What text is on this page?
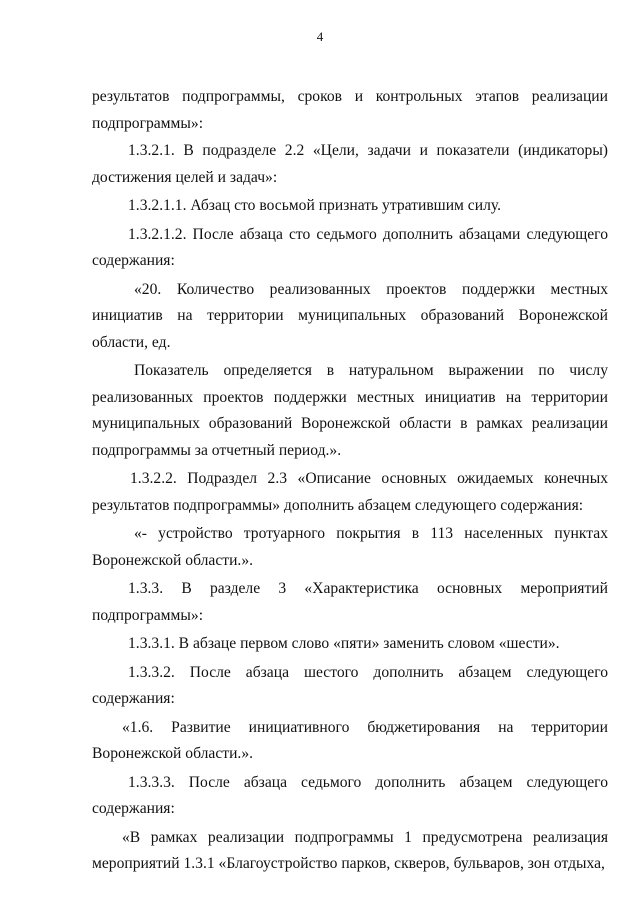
4

результатов подпрограммы, сроков и контрольных этапов реализации подпрограммы»:

1.3.2.1. В подразделе 2.2 «Цели, задачи и показатели (индикаторы) достижения целей и задач»:

1.3.2.1.1. Абзац сто восьмой признать утратившим силу.

1.3.2.1.2. После абзаца сто седьмого дополнить абзацами следующего содержания:

«20. Количество реализованных проектов поддержки местных инициатив на территории муниципальных образований Воронежской области, ед.

Показатель определяется в натуральном выражении по числу реализованных проектов поддержки местных инициатив на территории муниципальных образований Воронежской области в рамках реализации подпрограммы за отчетный период.».

1.3.2.2. Подраздел 2.3 «Описание основных ожидаемых конечных результатов подпрограммы» дополнить абзацем следующего содержания:

«- устройство тротуарного покрытия в 113 населенных пунктах Воронежской области.».

1.3.3. В разделе 3 «Характеристика основных мероприятий подпрограммы»:

1.3.3.1. В абзаце первом слово «пяти» заменить словом «шести».

1.3.3.2. После абзаца шестого дополнить абзацем следующего содержания:

«1.6. Развитие инициативного бюджетирования на территории Воронежской области.».

1.3.3.3. После абзаца седьмого дополнить абзацем следующего содержания:

«В рамках реализации подпрограммы 1 предусмотрена реализация мероприятий 1.3.1 «Благоустройство парков, скверов, бульваров, зон отдыха,
